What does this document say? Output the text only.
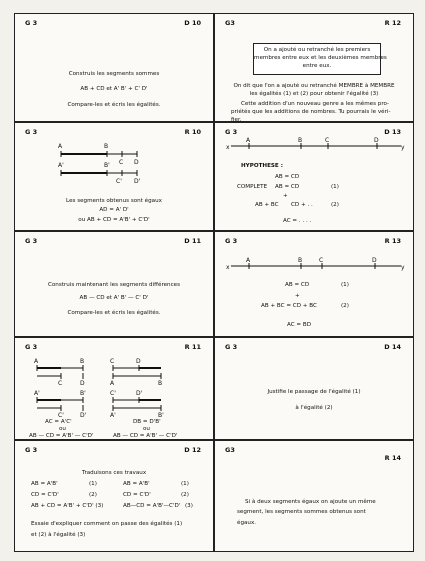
G 3	D 10
Construis les segments sommes
AB + CD et A' B' + C' D'
Compare-les et écris les égalités.
G3	R 12
On a ajouté ou retranché les premiers
membres entre eux et les deuxièmes membres
entre eux.
On dit que l'on a ajouté ou retranché MEMBRE à MEMBRE
les égalités (1) et (2) pour obtenir l'égalité (3)
Cette addition d'un nouveau genre a les mêmes pro-
priétés que les additions de nombres. Tu pourrais le véri-
fier.
G 3	R 10
A	B
C D
A'	B'
C' D'
Les segments obtenus sont égaux
AD = A' D'
ou AB + CD = A'B' + C'D'
G 3	D 13
x
A	B	C	D
y
HYPOTHESE :
AB = CD
COMPLETE AB = CD	(1)
+
AB + BC CD + . .	(2)
AC = . . . .
G 3	D 11
Construis maintenant les segments différences
AB — CD et A' B' — C' D'
Compare-les et écris les égalités.
G 3	R 13
x
A	B	C	D
y
AB = CD	(1)
+
AB + BC = CD + BC	(2)
AC = BD
G 3	R 11
A	B
C	D
A'	B'
C'	D'
C	D
A	B
C'	D'
A'	B'
AC = A'C'
ou
AB — CD = A'B' — C'D'
DB = D'B'
ou
AB — CD = A'B' — C'D'
G 3	D 14
Justifie le passage de l'égalité (1)
à l'égalité (2)
G 3	D 12
Traduisons ces travaux
AB = A'B'	(1)	AB = A'B'	(1)
CD = C'D'	(2)	CD = C'D'	(2)
AB + CD = A'B' + C'D' (3)	AB—CD = A'B'—C'D' (3)
Essaie d'expliquer comment on passe des égalités (1)
et (2) à l'égalité (3)
G3
R 14
Si à deux segments égaux on ajoute un même
segment, les segments sommes obtenus sont
égaux.
